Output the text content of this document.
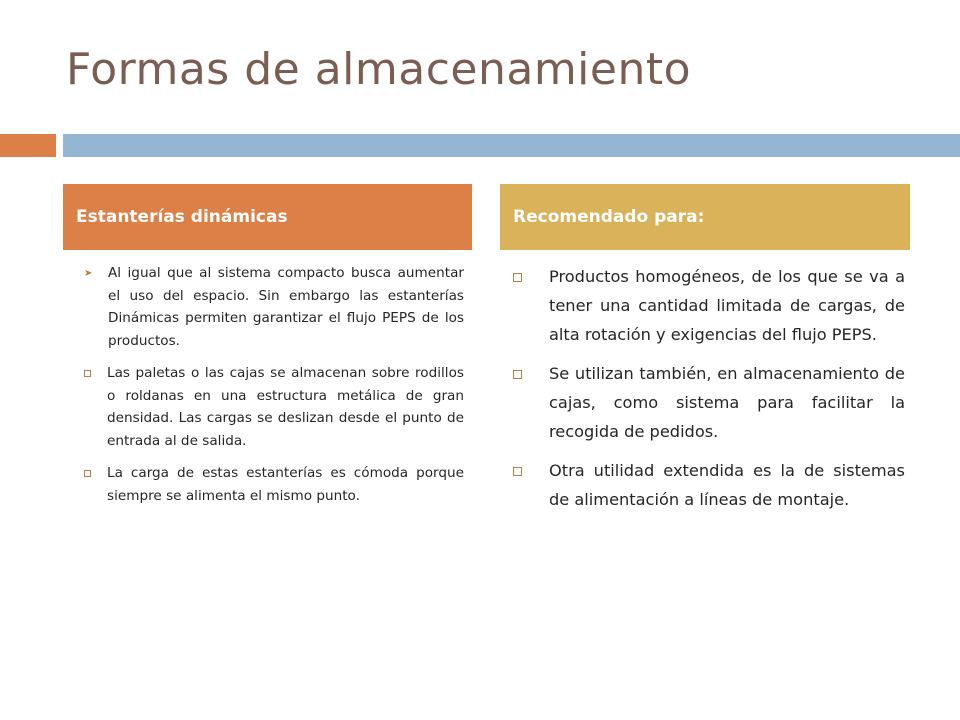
Formas de almacenamiento
Estanterías dinámicas	Recomendado para:
➤	Al igual que al sistema compacto busca aumentar el uso del espacio. Sin embargo las estanterías Dinámicas permiten garantizar el flujo PEPS de los productos.
Las paletas o las cajas se almacenan sobre rodillos o roldanas en una estructura metálica de gran densidad. Las cargas se deslizan desde el punto de entrada al de salida.
La carga de estas estanterías es cómoda porque siempre se alimenta el mismo punto.
Productos homogéneos, de los que se va a tener una cantidad limitada de cargas, de alta rotación y exigencias del flujo PEPS.
Se utilizan también, en almacenamiento de cajas, como sistema para facilitar la recogida de pedidos.
Otra utilidad extendida es la de sistemas de alimentación a líneas de montaje.
